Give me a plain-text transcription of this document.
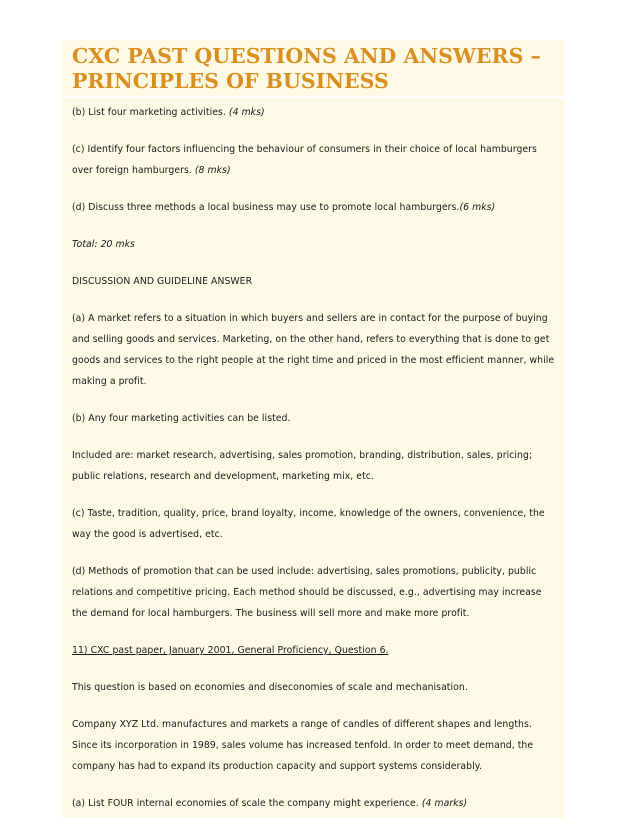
CXC PAST QUESTIONS AND ANSWERS –
PRINCIPLES OF BUSINESS

(b) List four marketing activities. (4 mks)

(c) Identify four factors influencing the behaviour of consumers in their choice of local hamburgers over foreign hamburgers. (8 mks)

(d) Discuss three methods a local business may use to promote local hamburgers.(6 mks)

Total: 20 mks

DISCUSSION AND GUIDELINE ANSWER

(a) A market refers to a situation in which buyers and sellers are in contact for the purpose of buying and selling goods and services. Marketing, on the other hand, refers to everything that is done to get goods and services to the right people at the right time and priced in the most efficient manner, while making a profit.

(b) Any four marketing activities can be listed.

Included are: market research, advertising, sales promotion, branding, distribution, sales, pricing; public relations, research and development, marketing mix, etc.

(c) Taste, tradition, quality, price, brand loyalty, income, knowledge of the owners, convenience, the way the good is advertised, etc.

(d) Methods of promotion that can be used include: advertising, sales promotions, publicity, public relations and competitive pricing. Each method should be discussed, e.g., advertising may increase the demand for local hamburgers. The business will sell more and make more profit.

11) CXC past paper, January 2001, General Proficiency, Question 6.

This question is based on economies and diseconomies of scale and mechanisation.

Company XYZ Ltd. manufactures and markets a range of candles of different shapes and lengths. Since its incorporation in 1989, sales volume has increased tenfold. In order to meet demand, the company has had to expand its production capacity and support systems considerably.

(a) List FOUR internal economies of scale the company might experience. (4 marks)
